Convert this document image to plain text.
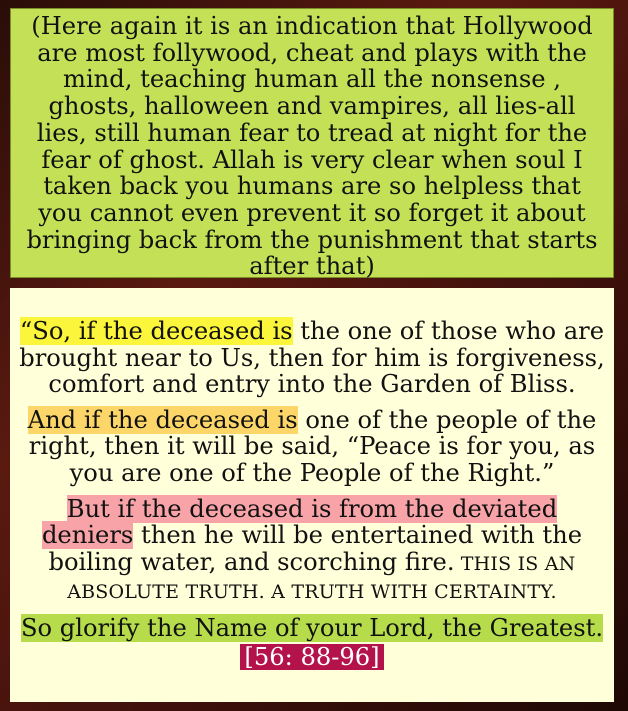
(Here again it is an indication that Hollywood are most follywood, cheat and plays with the mind, teaching human all the nonsense , ghosts, halloween and vampires, all lies-all lies, still human fear to tread at night for the fear of ghost. Allah is very clear when soul I taken back you humans are so helpless that you cannot even prevent it so forget it about bringing back from the punishment that starts after that)

“So, if the deceased is the one of those who are brought near to Us, then for him is forgiveness, comfort and entry into the Garden of Bliss.

And if the deceased is one of the people of the right, then it will be said, “Peace is for you, as you are one of the People of the Right.”

But if the deceased is from the deviated deniers then he will be entertained with the boiling water, and scorching fire. THIS IS AN ABSOLUTE TRUTH. A TRUTH WITH CERTAINTY.

So glorify the Name of your Lord, the Greatest.

[56: 88-96]
